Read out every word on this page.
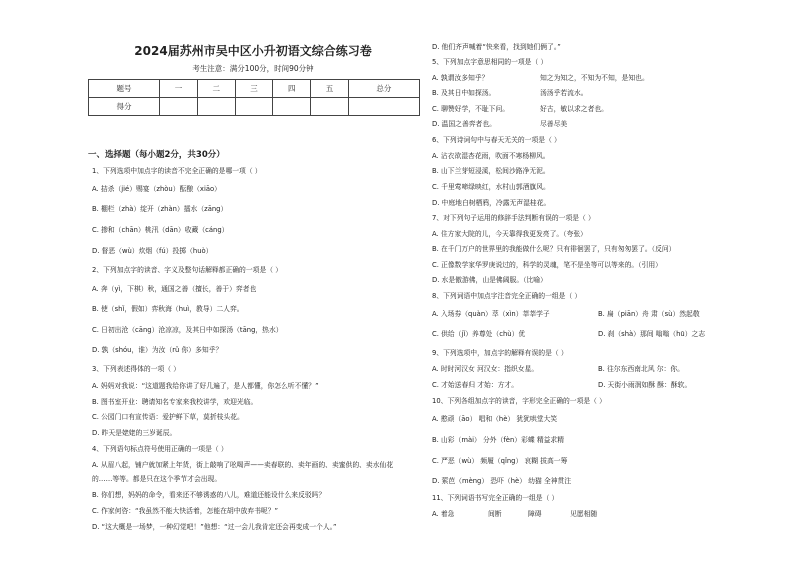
2024届苏州市吴中区小升初语文综合练习卷
考生注意：满分100分，时间90分钟
题号	一	二	三	四	五	总分
得分						
一、选择题（每小题2分，共30分）
1、下列选项中加点字的读音不完全正确的是哪一项（ ）
A. 拮杀（jié）赐宴（zhòu）酝酿（xiāo）
B. 棚栏（zhà）绽开（zhàn）擂水（zāng）
C. 掺和（chān）桃汛（dān）收藏（cáng）
D. 督恶（wù）炊烟（fú）投掷（huò）
2、下列加点字的读音、字义及整句话解释都正确的一项是（ ）
A. 奔（yì，下棋）秋，通国之善（擅长，善于）弈者也
B. 使（shǐ，假如）弈秋海（huì，教导）二人弈。
C. 日初出沧（cāng）沧凉凉，及其日中如探汤（tāng，热水）
D. 孰（shóu，谁）为汝（rǔ 你）多知乎？
3、下列表述得体的一项（ ）
A. 妈妈对我说：“这道题我给你讲了好几遍了，是人都懂，你怎么听不懂？”
B. 图书室开业：聘请知名专家来我校讲学，欢迎光临。
C. 公园门口有宣传语：爱护鲜下草，莫折枝头花。
D. 昨天是姥姥的三岁诞辰。
4、下列语句标点符号使用正确的一项是（ ）
A. 从眉八起，铺户就加紧上年货，街上敲响了吆喝声——卖春联的、卖年画的、卖蜜供的、卖水仙花
的……等等。都是只在这个季节才会出现。
B. 你们想，妈妈的命令，看来还不够诱惑的八儿，难道还能设什么来反驳吗？
C. 作家何咨：“我虽然不能大快活着，怎能在胡中放弃书呢？”
D. “这大概是一场梦，一种幻觉吧！”他想：“过一会儿我肯定还会再变成一个人。”
D. 他们齐声喊着“快来看，找到她们俩了。”
5、下列加点字意思相同的一项是（ ）
A. 孰谓汝多知乎？	知之为知之，不知为不知，是知也。
B. 及其日中如探汤。	汤汤乎若流水。
C. 聊赞好学，不耻下问。	好古，敏以求之者也。
D. 温国之善弈者也。	尽善尽美
6、下列诗词句中与春天无关的一项是（ ）
A. 沾衣欲湿杏花雨，吹面不寒杨柳风。
B. 山下兰芽短浸溪，松间沙路净无泥。
C. 千里莺啼绿映红，水村山郭酒旗风。
D. 中庭地白树栖鸦，冷露无声湿桂花。
7、对下列句子运用的修辞手法判断有误的一项是（ ）
A. 住方家大院的儿，今天靠得我更发亮了。（夸张）
B. 在千门万户的世界里的我能做什么呢？只有徘徊罢了，只有匆匆罢了。（反问）
C. 正像数学家华罗庚说过的，科学的灵魂，笔不是坐等可以等来的。（引用）
D. 水是傲游佛，山是佛阔服。（比喻）
8、下列词语中加点字注音完全正确的一组是（ ）
A. 入场券（quàn）萃（xìn）莘莘学子	B. 扁（piān）舟 肃（sù）然起敬
C. 供给（jǐ）养尊处（chù）优	D. 刹（shà）那间 嗡嗡（hū）之志
9、下列选项中，加点字的解释有误的是（ ）
A. 时时河汉女 河汉女：指织女星。	B. 往尔东西南北风 尔：你。
C. 才始送春归 才始：方才。	D. 天街小雨润如酥 酥：酥软。
10、下列各组加点字的读音，字形完全正确的一项是（ ）
A. 憨顽（āo） 唱和（hè） 犹犹哄堂大笑
B. 山彩（mài） 分外（fèn）彩蝶 精益求精
C. 严恶（wù） 频履（qǐng） 哀糊 拔高一筹
D. 萦芭（mèng） 恐吓（hè） 幼猫 全神贯注
11、下列词语书写完全正确的一组是（ ）
A. 着急	间断	障碍	见愿相随
